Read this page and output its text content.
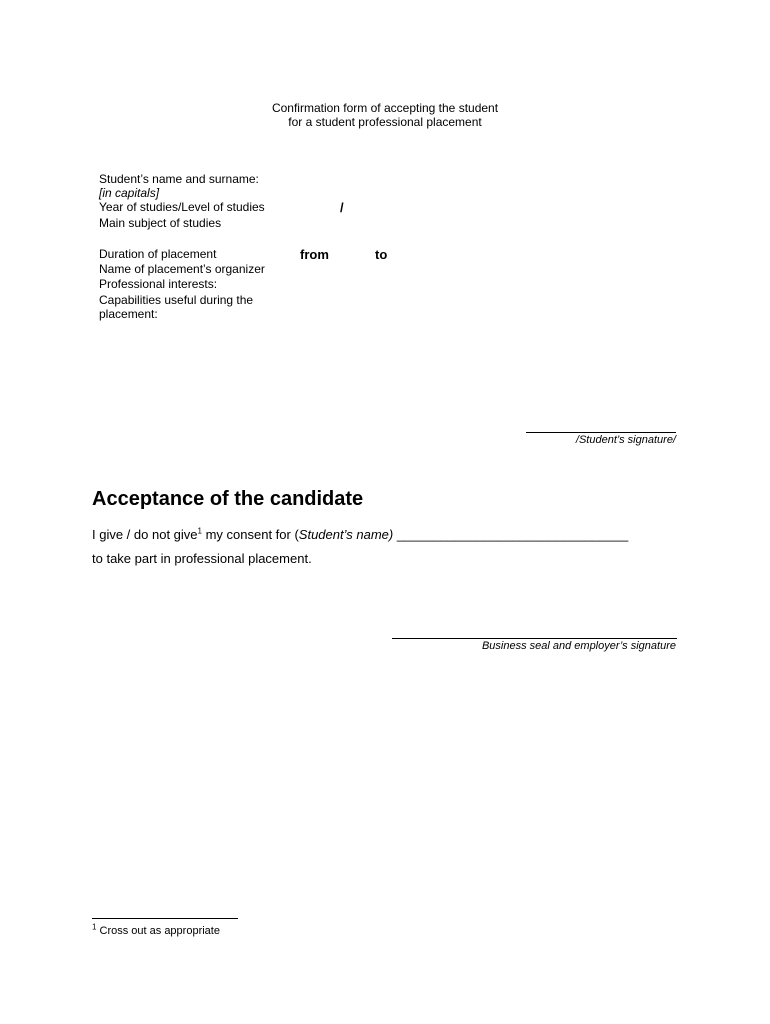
Confirmation form of accepting the student
for a student professional placement
Student’s name and surname:
[in capitals]
Year of studies/Level of studies	/
Main subject of studies
Duration of placement	from	to
Name of placement’s organizer
Professional interests:
Capabilities useful during the
placement:
/Student’s signature/
Acceptance of the candidate
I give / do not give$^1$ my consent for (Student’s name) ________________________________
to take part in professional placement.
Business seal and employer’s signature
$^1$ Cross out as appropriate
